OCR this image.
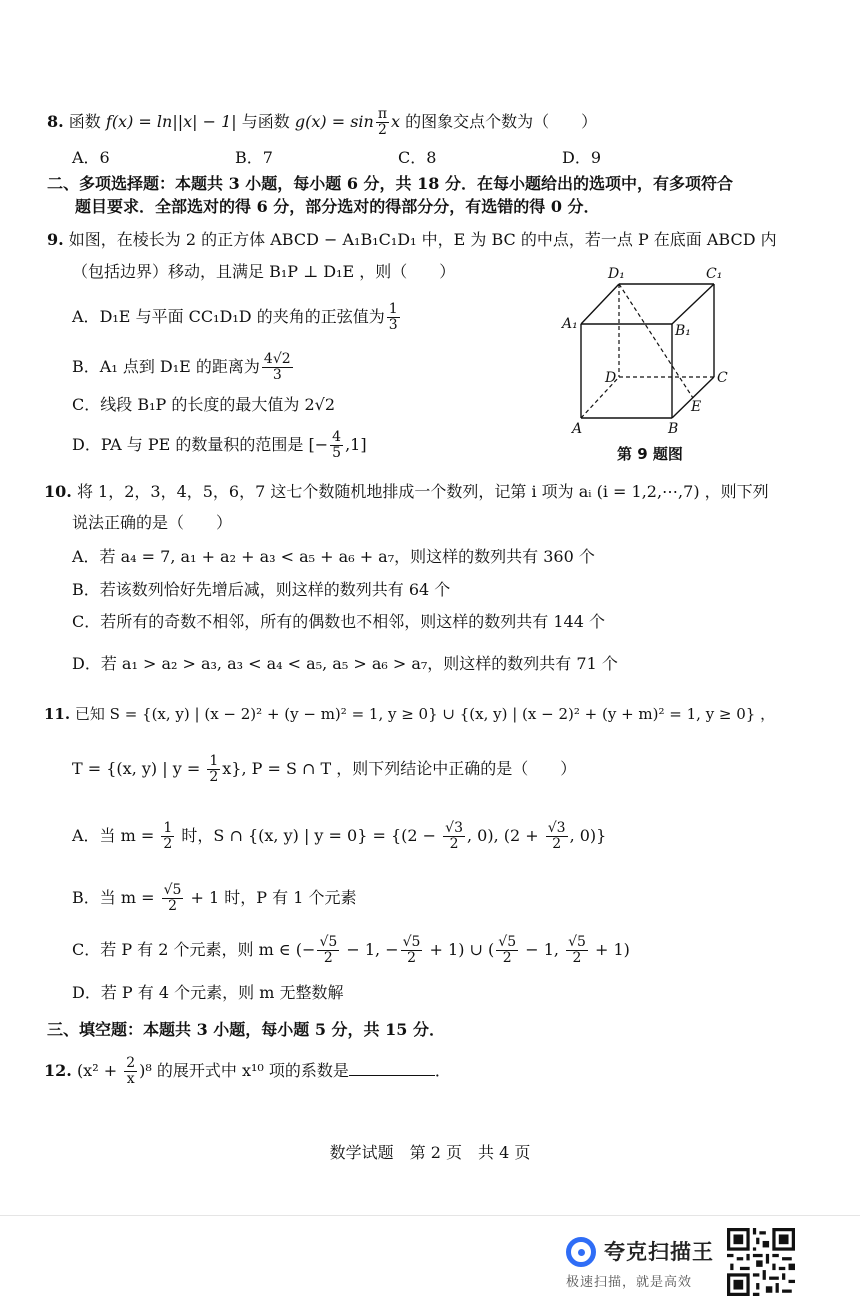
8. 函数 f(x) = ln||x| − 1| 与函数 $g(x) = \sin \frac{\pi}{2}$ x 的图象交点个数为（　　）
A．6	B．7	C．8	D．9
二、多项选择题：本题共 3 小题，每小题 6 分，共 18 分．在每小题给出的选项中，有多项符合
题目要求．全部选对的得 6 分，部分选对的得部分分，有选错的得 0 分．
9. 如图，在棱长为 2 的正方体 ABCD − A₁B₁C₁D₁ 中，E 为 BC 的中点，若一点 P 在底面 ABCD 内
（包括边界）移动，且满足 B₁P ⊥ D₁E ，则（　　）
A．D₁E 与平面 CC₁D₁D 的夹角的正弦值为 $\frac{1}{3}$
B．A₁ 点到 D₁E 的距离为 $\frac{4√2}{3}$
C．线段 B₁P 的长度的最大值为 2√2
D．PA 与 PE 的数量积的范围是 [− $\frac{4}{5} ,1$]
D₁	C₁
A₁	B₁
D	C
E
A	B
第 9 题图
10. 将 1，2，3，4，5，6，7 这七个数随机地排成一个数列，记第 i 项为 aᵢ (i = 1,2,⋯,7) ，则下列
说法正确的是（　　）
A．若 a₄ = 7, a₁ + a₂ + a₃ < a₅ + a₆ + a₇，则这样的数列共有 360 个
B．若该数列恰好先增后减，则这样的数列共有 64 个
C．若所有的奇数不相邻，所有的偶数也不相邻，则这样的数列共有 144 个
D．若 a₁ > a₂ > a₃, a₃ < a₄ < a₅, a₅ > a₆ > a₇，则这样的数列共有 71 个
11. 已知 S = {(x, y) | (x − 2)² + (y − m)² = 1, y ≥ 0} ∪ {(x, y) | (x − 2)² + (y + m)² = 1, y ≥ 0} ，
T = {(x, y) | $y = \frac{1}{2} x$}, P = S ∩ T ，则下列结论中正确的是（　　）
A．当 $m = \frac{1}{2}$ 时，S ∩ {(x, y) | $y = 0\} = \{(2 - \frac{√3}{2}$ , 0), ($2 + \frac{√3}{2}$ , 0)}
B．当 $m = \frac{√5}{2} + 1$ 时，P 有 1 个元素
C．若 P 有 2 个元素，则 m ∈ (− $\frac{√5}{2} - 1$, − $\frac{√5}{2} + 1$) ∪ ( $\frac{√5}{2} - 1$, $\frac{√5}{2} + 1$)
D．若 P 有 4 个元素，则 m 无整数解
三、填空题：本题共 3 小题，每小题 5 分，共 15 分．
12. $(x^2 + \frac{2}{x} )^8$ 的展开式中 x¹⁰ 项的系数是	．
数学试题　第 2 页　共 4 页
夸克扫描王
极速扫描，就是高效
